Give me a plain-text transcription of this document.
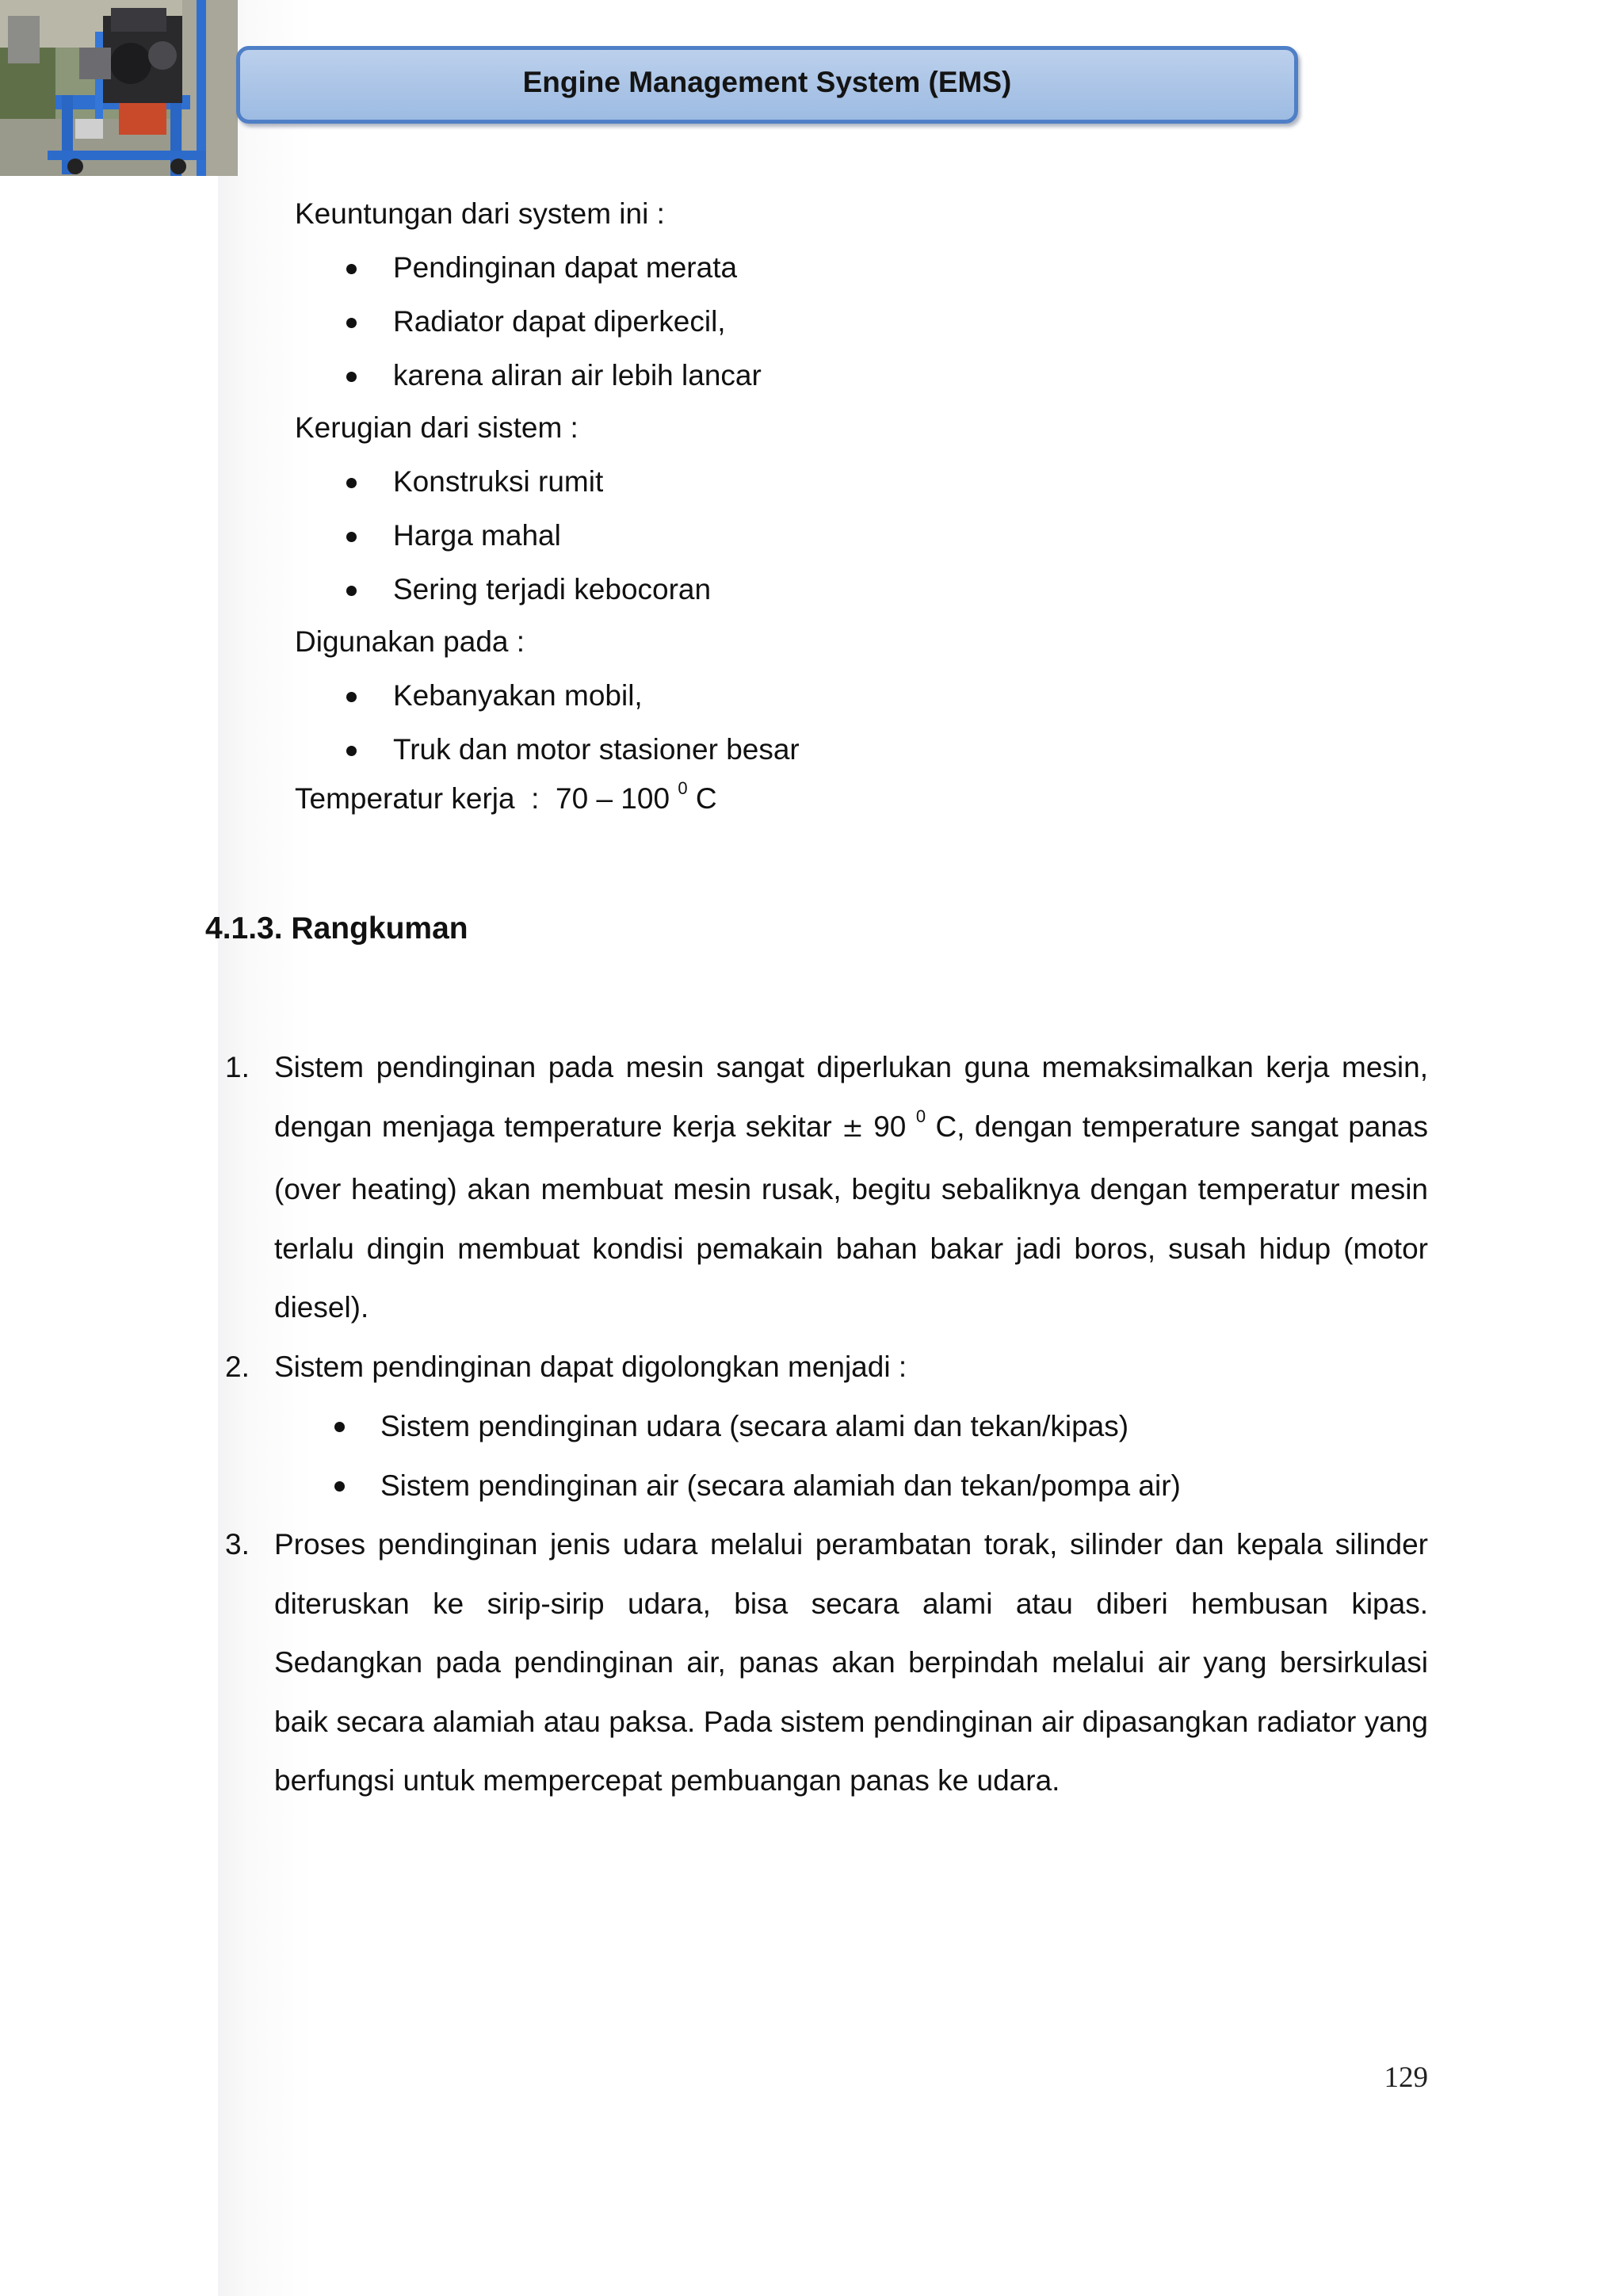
Engine Management System (EMS)
Keuntungan dari system ini :
Pendinginan dapat merata
Radiator dapat diperkecil,
karena aliran air lebih lancar
Kerugian dari sistem :
Konstruksi rumit
Harga mahal
Sering terjadi kebocoran
Digunakan pada :
Kebanyakan mobil,
Truk dan motor stasioner besar
Temperatur kerja : 70 – 100 $^0$ C
4.1.3. Rangkuman
1. Sistem pendinginan pada mesin sangat diperlukan guna memaksimalkan kerja mesin, dengan menjaga temperature kerja sekitar ± 90 $^0$ C, dengan temperature sangat panas (over heating) akan membuat mesin rusak, begitu sebaliknya dengan temperatur mesin terlalu dingin membuat kondisi pemakain bahan bakar jadi boros, susah hidup (motor diesel).
2. Sistem pendinginan dapat digolongkan menjadi :
Sistem pendinginan udara (secara alami dan tekan/kipas)
Sistem pendinginan air (secara alamiah dan tekan/pompa air)
3. Proses pendinginan jenis udara melalui perambatan torak, silinder dan kepala silinder diteruskan ke sirip-sirip udara, bisa secara alami atau diberi hembusan kipas. Sedangkan pada pendinginan air, panas akan berpindah melalui air yang bersirkulasi baik secara alamiah atau paksa. Pada sistem pendinginan air dipasangkan radiator yang berfungsi untuk mempercepat pembuangan panas ke udara.
129
